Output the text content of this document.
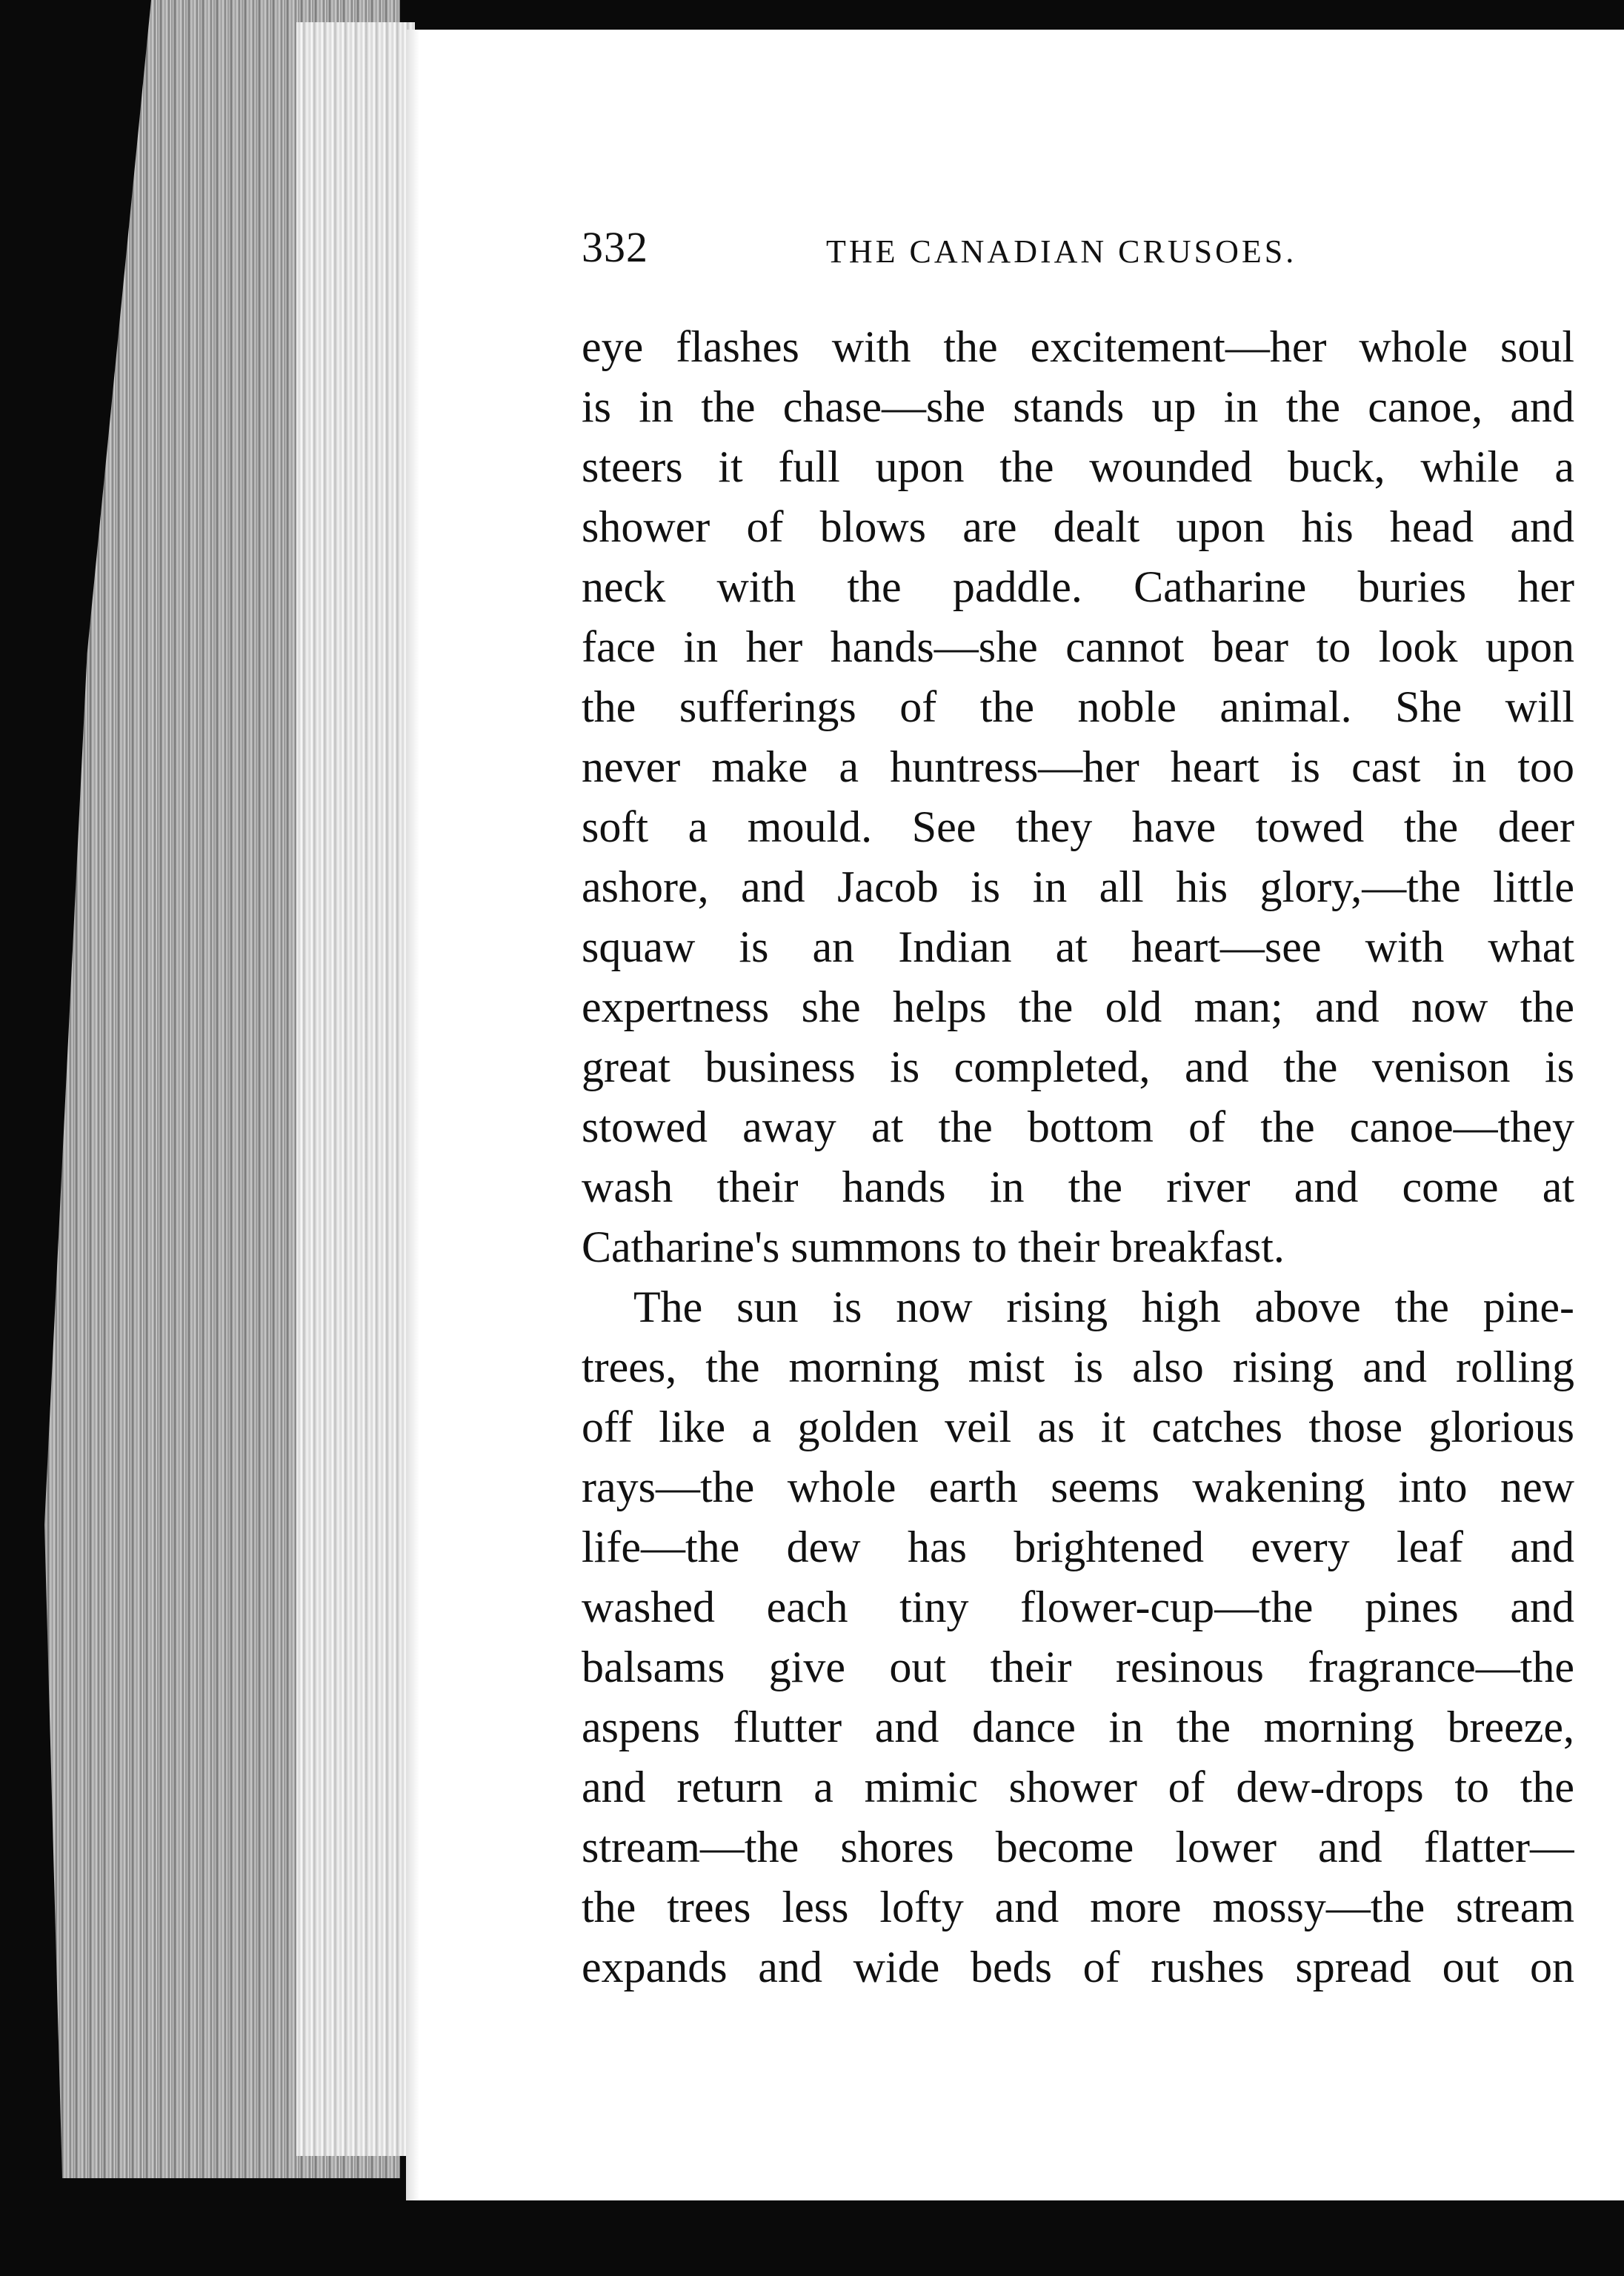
332	THE CANADIAN CRUSOES.
eye flashes with the excitement—her whole soul
is in the chase—she stands up in the canoe, and
steers it full upon the wounded buck, while a
shower of blows are dealt upon his head and
neck with the paddle. Catharine buries her
face in her hands—she cannot bear to look upon
the sufferings of the noble animal. She will
never make a huntress—her heart is cast in too
soft a mould. See they have towed the deer
ashore, and Jacob is in all his glory,—the little
squaw is an Indian at heart—see with what
expertness she helps the old man; and now the
great business is completed, and the venison is
stowed away at the bottom of the canoe—they
wash their hands in the river and come at
Catharine's summons to their breakfast.
The sun is now rising high above the pine-
trees, the morning mist is also rising and rolling
off like a golden veil as it catches those glorious
rays—the whole earth seems wakening into new
life—the dew has brightened every leaf and
washed each tiny flower-cup—the pines and
balsams give out their resinous fragrance—the
aspens flutter and dance in the morning breeze,
and return a mimic shower of dew-drops to the
stream—the shores become lower and flatter—
the trees less lofty and more mossy—the stream
expands and wide beds of rushes spread out on
